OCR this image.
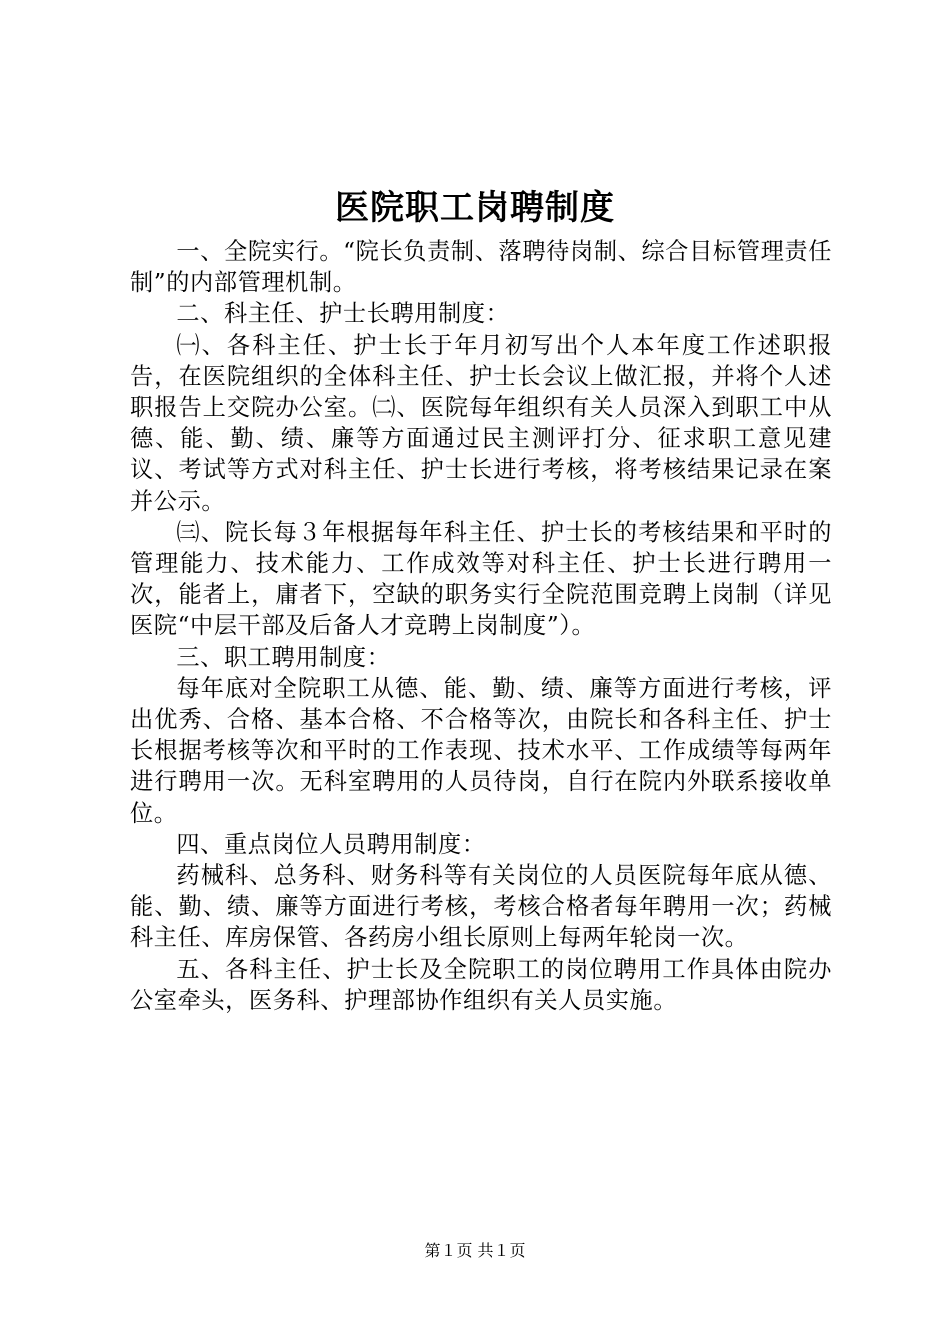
医院职工岗聘制度

一、全院实行。“院长负责制、落聘待岗制、综合目标管理责任制”的内部管理机制。

二、科主任、护士长聘用制度：

㈠、各科主任、护士长于年月初写出个人本年度工作述职报告，在医院组织的全体科主任、护士长会议上做汇报，并将个人述职报告上交院办公室。㈡、医院每年组织有关人员深入到职工中从德、能、勤、绩、廉等方面通过民主测评打分、征求职工意见建议、考试等方式对科主任、护士长进行考核，将考核结果记录在案并公示。

㈢、院长每３年根据每年科主任、护士长的考核结果和平时的管理能力、技术能力、工作成效等对科主任、护士长进行聘用一次，能者上，庸者下，空缺的职务实行全院范围竞聘上岗制（详见医院“中层干部及后备人才竞聘上岗制度”）。

三、职工聘用制度：

每年底对全院职工从德、能、勤、绩、廉等方面进行考核，评出优秀、合格、基本合格、不合格等次，由院长和各科主任、护士长根据考核等次和平时的工作表现、技术水平、工作成绩等每两年进行聘用一次。无科室聘用的人员待岗，自行在院内外联系接收单位。

四、重点岗位人员聘用制度：

药械科、总务科、财务科等有关岗位的人员医院每年底从德、能、勤、绩、廉等方面进行考核，考核合格者每年聘用一次；药械科主任、库房保管、各药房小组长原则上每两年轮岗一次。

五、各科主任、护士长及全院职工的岗位聘用工作具体由院办公室牵头，医务科、护理部协作组织有关人员实施。

第１页 共１页
